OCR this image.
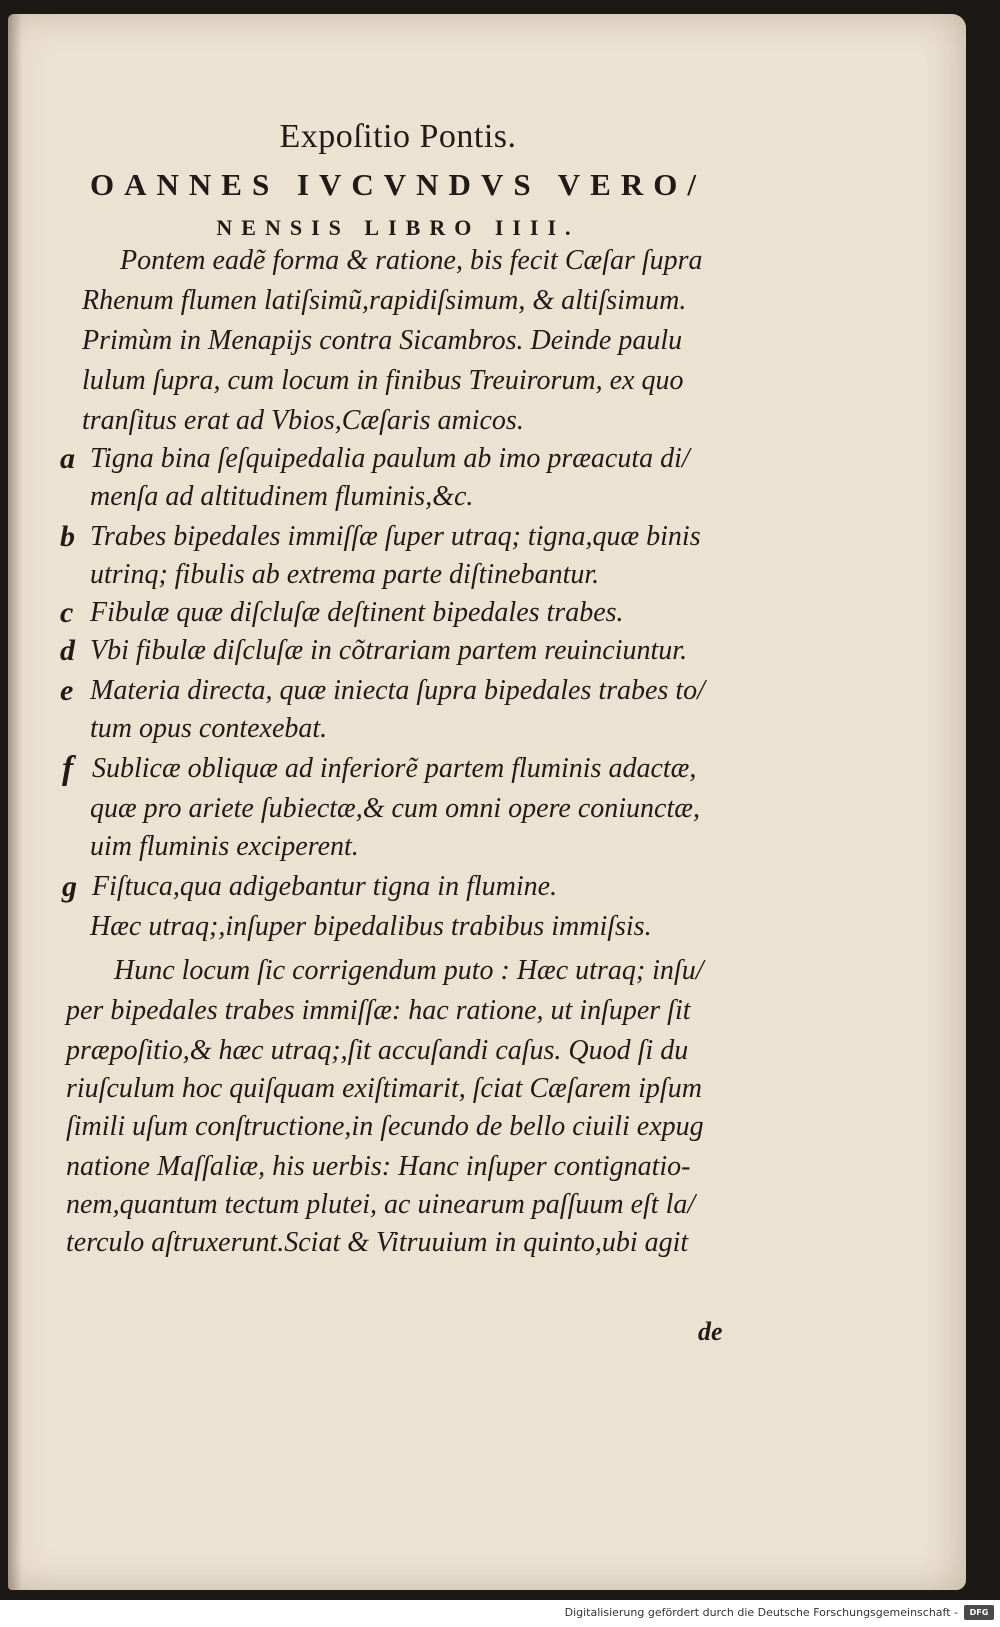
Expoſitio Pontis.
OANNES IVCVNDVS VERO/
NENSIS LIBRO IIII.
Pontem eadẽ forma & ratione, bis fecit Cæſar ſupra
Rhenum flumen latiſsimũ,rapidiſsimum, & altiſsimum.
Primùm in Menapijs contra Sicambros. Deinde paulu
lulum ſupra, cum locum in finibus Treuirorum, ex quo
tranſitus erat ad Vbios,Cæſaris amicos.
a Tigna bina ſeſquipedalia paulum ab imo præacuta di/
menſa ad altitudinem fluminis,&c.
b Trabes bipedales immiſſæ ſuper utraq; tigna,quæ binis
utrinq; fibulis ab extrema parte diſtinebantur.
c Fibulæ quæ diſcluſæ deſtinent bipedales trabes.
d Vbi fibulæ diſcluſæ in cõtrariam partem reuinciuntur.
e Materia directa, quæ iniecta ſupra bipedales trabes to/
tum opus contexebat.
f Sublicæ obliquæ ad inferiorẽ partem fluminis adactæ,
quæ pro ariete ſubiectæ,& cum omni opere coniunctæ,
uim fluminis exciperent.
g Fiſtuca,qua adigebantur tigna in flumine.
Hæc utraq;,inſuper bipedalibus trabibus immiſsis.
Hunc locum ſic corrigendum puto : Hæc utraq; inſu/
per bipedales trabes immiſſæ: hac ratione, ut inſuper ſit
præpoſitio,& hæc utraq;,ſit accuſandi caſus. Quod ſi du
riuſculum hoc quiſquam exiſtimarit, ſciat Cæſarem ipſum
ſimili uſum conſtructione,in ſecundo de bello ciuili expug
natione Maſſaliæ, his uerbis: Hanc inſuper contignatio-
nem,quantum tectum plutei, ac uinearum paſſuum eſt la/
terculo aſtruxerunt.Sciat & Vitruuium in quinto,ubi agit
de
Digitalisierung gefördert durch die Deutsche Forschungsgemeinschaft -	DFG
